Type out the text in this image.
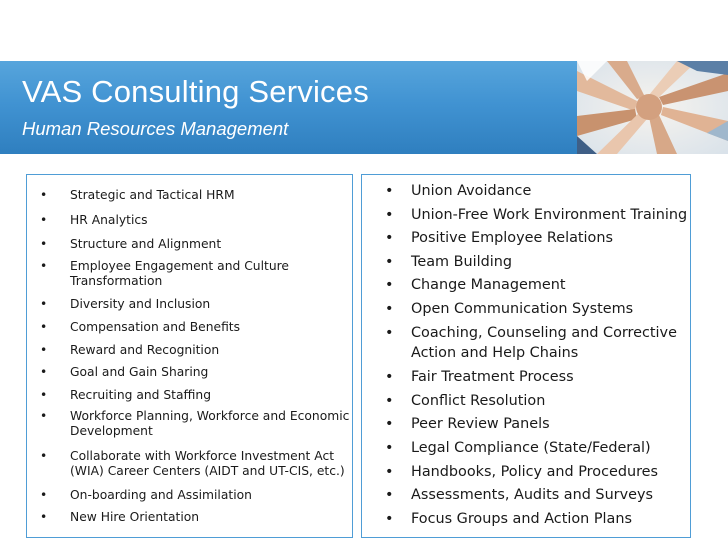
VAS Consulting Services
Human Resources Management
• Strategic and Tactical HRM
• HR Analytics
• Structure and Alignment
• Employee Engagement and Culture Transformation
• Diversity and Inclusion
• Compensation and Benefits
• Reward and Recognition
• Goal and Gain Sharing
• Recruiting and Staffing
• Workforce Planning, Workforce and Economic Development
• Collaborate with Workforce Investment Act (WIA) Career Centers (AIDT and UT-CIS, etc.)
• On-boarding and Assimilation
• New Hire Orientation
• Union Avoidance
• Union-Free Work Environment Training
• Positive Employee Relations
• Team Building
• Change Management
• Open Communication Systems
• Coaching, Counseling and Corrective Action and Help Chains
• Fair Treatment Process
• Conflict Resolution
• Peer Review Panels
• Legal Compliance (State/Federal)
• Handbooks, Policy and Procedures
• Assessments, Audits and Surveys
• Focus Groups and Action Plans
